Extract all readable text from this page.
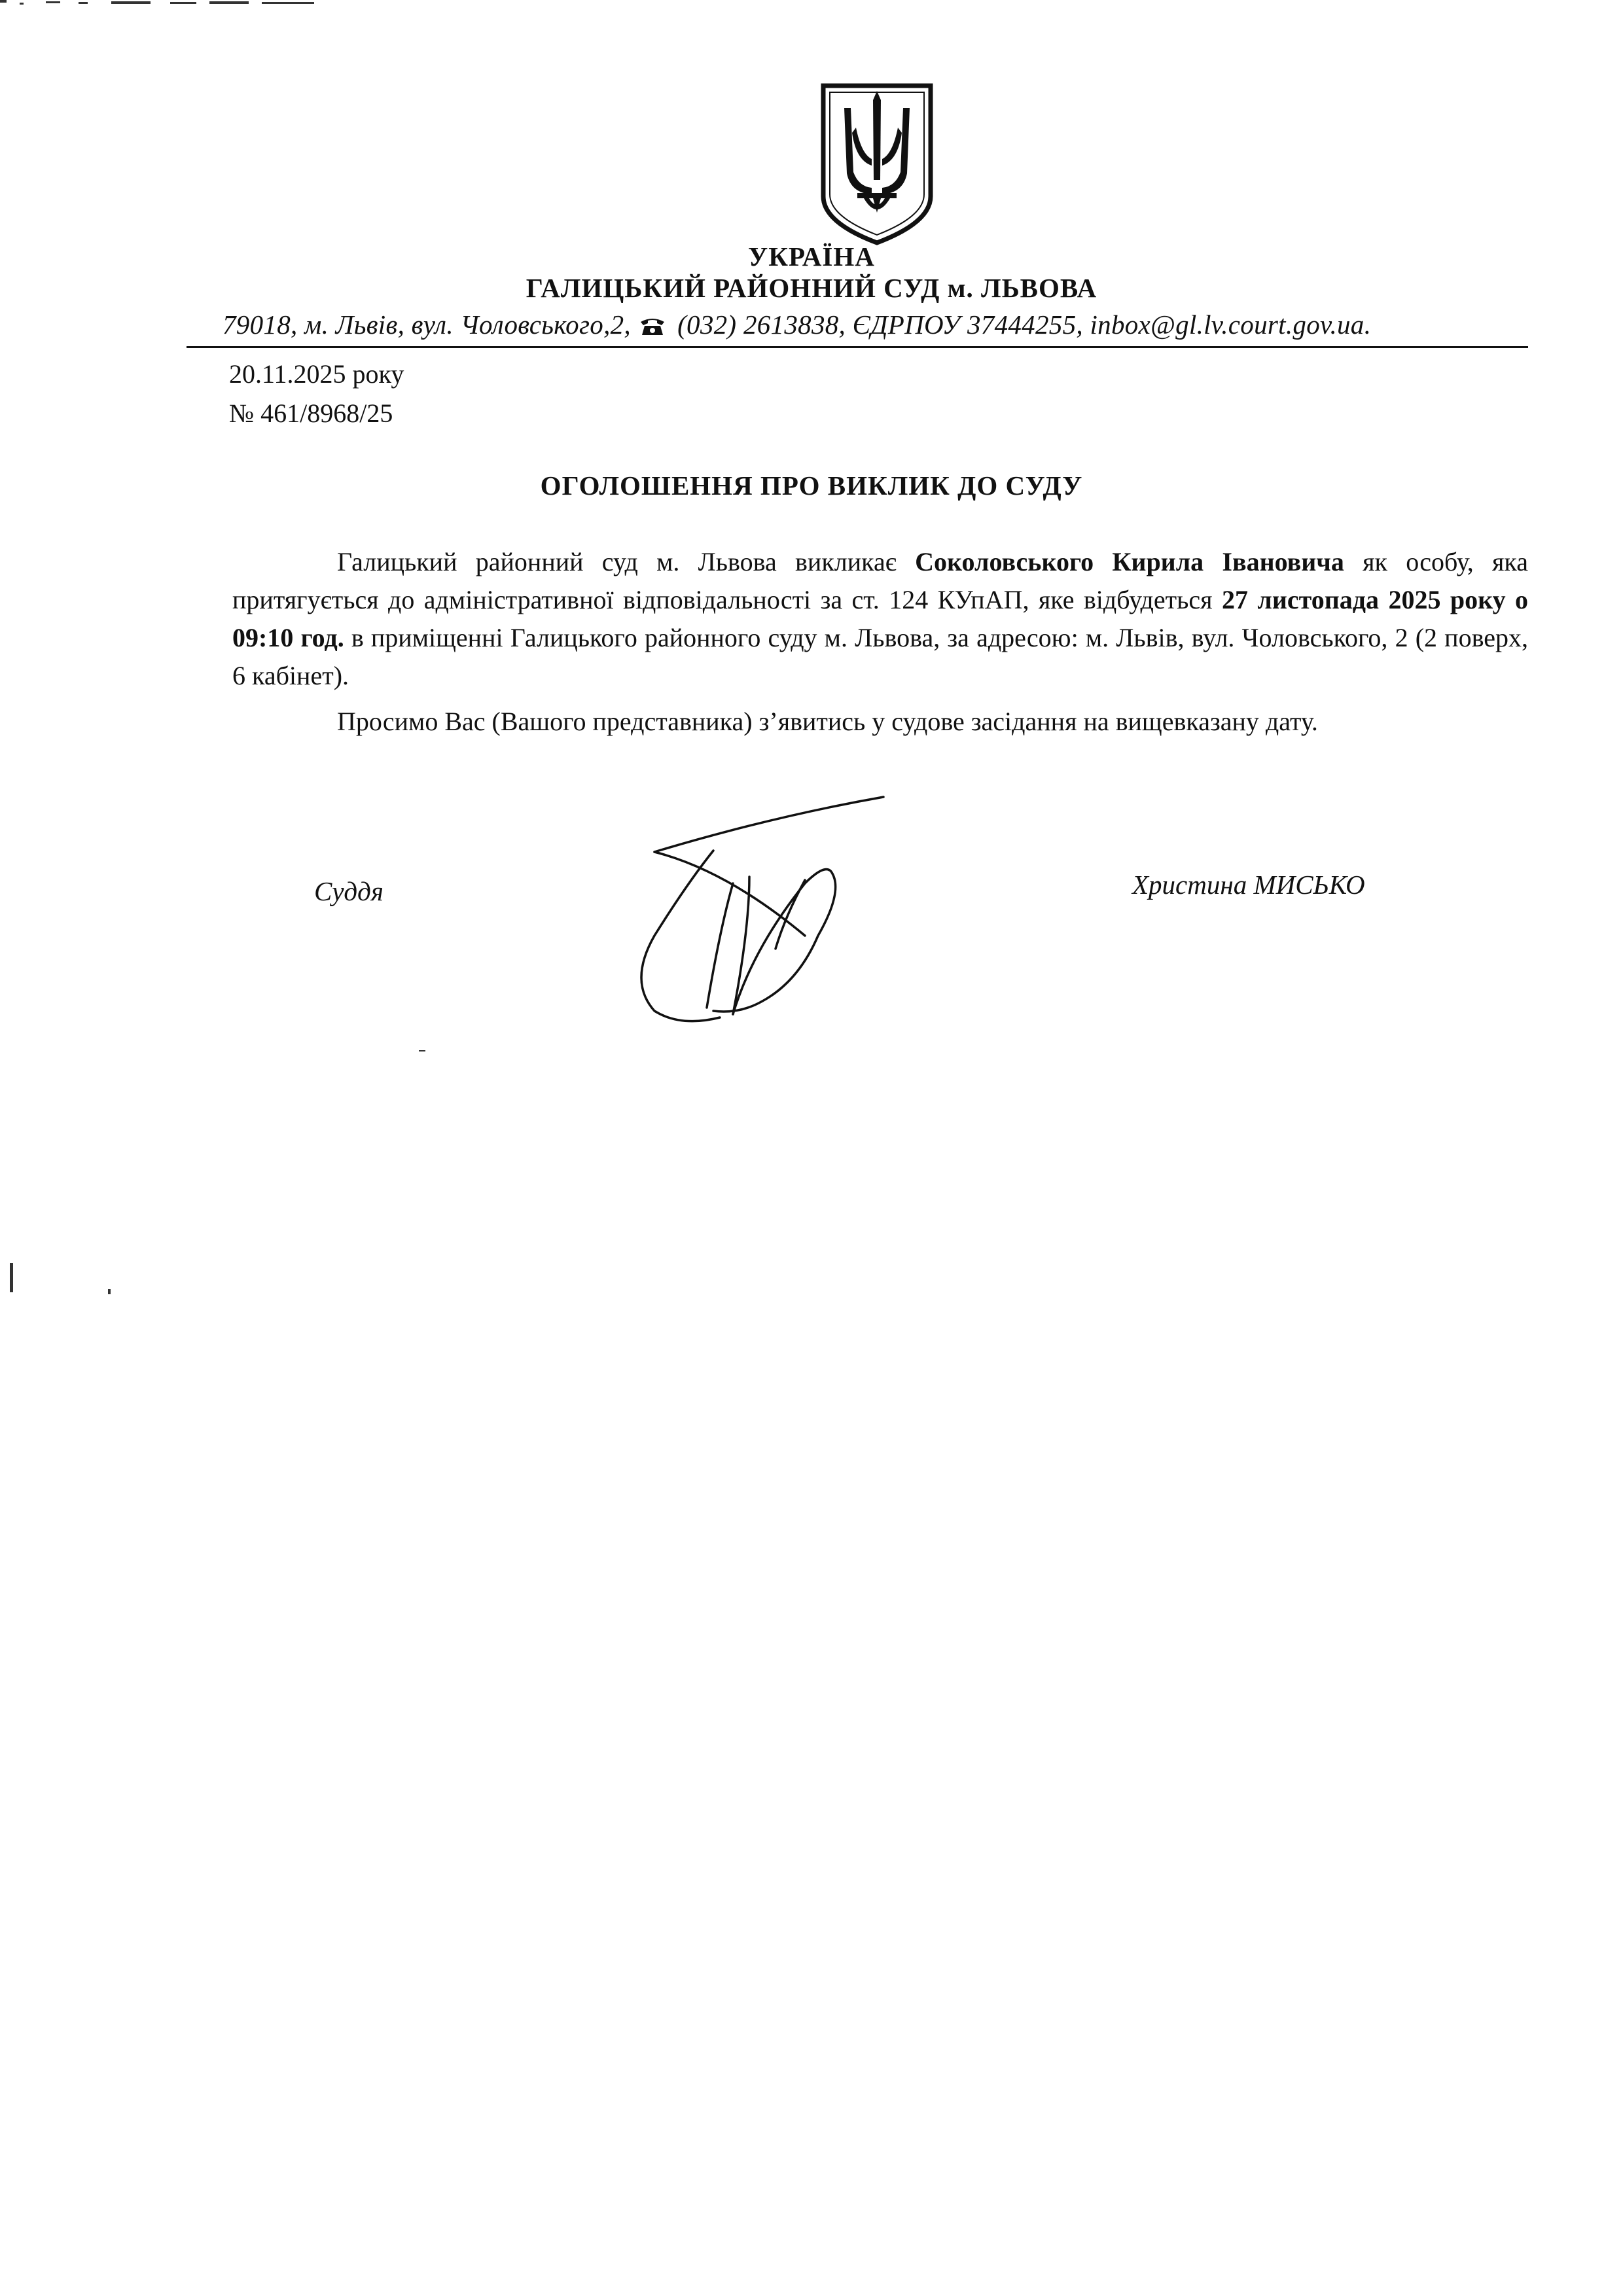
УКРАЇНА
ГАЛИЦЬКИЙ РАЙОННИЙ СУД м. ЛЬВОВА
79018, м. Львів, вул. Чоловського,2,  (032) 2613838, ЄДРПОУ 37444255, inbox@gl.lv.court.gov.ua.
20.11.2025 року
№ 461/8968/25
ОГОЛОШЕННЯ ПРО ВИКЛИК ДО СУДУ

Галицький районний суд м. Львова викликає Соколовського Кирила Івановича як особу, яка притягується до адміністративної відповідальності за ст. 124 КУпАП, яке відбудеться 27 листопада 2025 року о 09:10 год. в приміщенні Галицького районного суду м. Львова, за адресою: м. Львів, вул. Чоловського, 2 (2 поверх, 6 кабінет).

Просимо Вас (Вашого представника) з’явитись у судове засідання на вищевказану дату.

Суддя	Христина МИСЬКО
